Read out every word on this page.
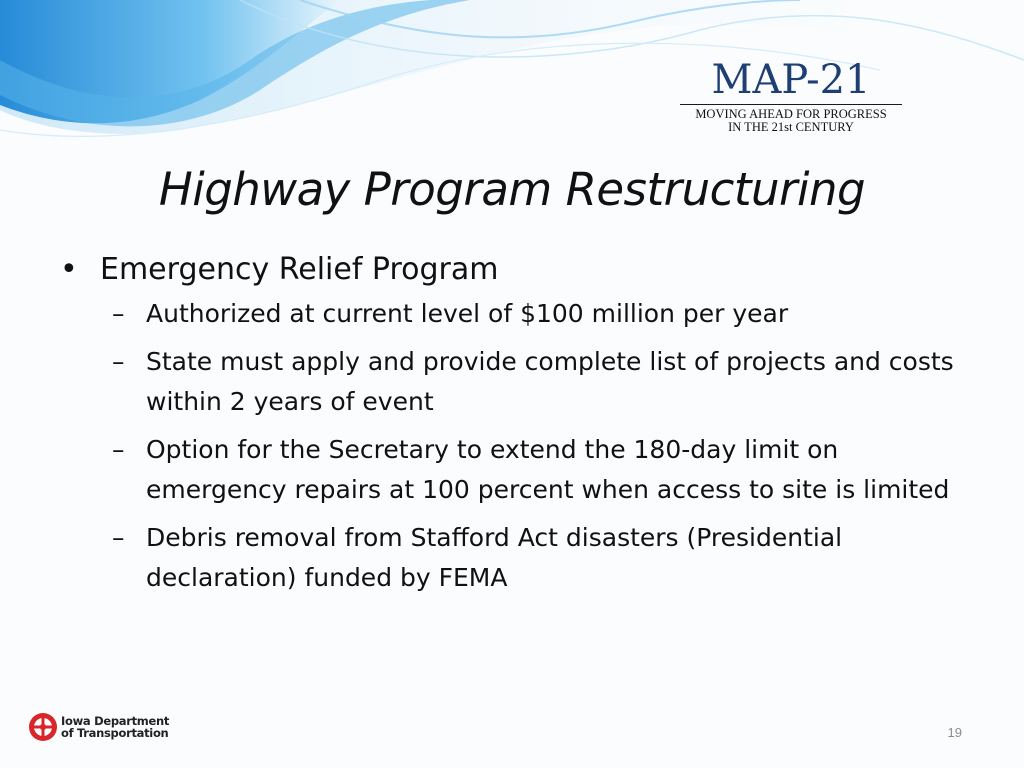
MAP-21
MOVING AHEAD FOR PROGRESS
IN THE 21st CENTURY
Highway Program Restructuring
• Emergency Relief Program
– Authorized at current level of $100 million per year
– State must apply and provide complete list of projects and costs within 2 years of event
– Option for the Secretary to extend the 180-day limit on emergency repairs at 100 percent when access to site is limited
– Debris removal from Stafford Act disasters (Presidential declaration) funded by FEMA
Iowa Department
of Transportation	19
